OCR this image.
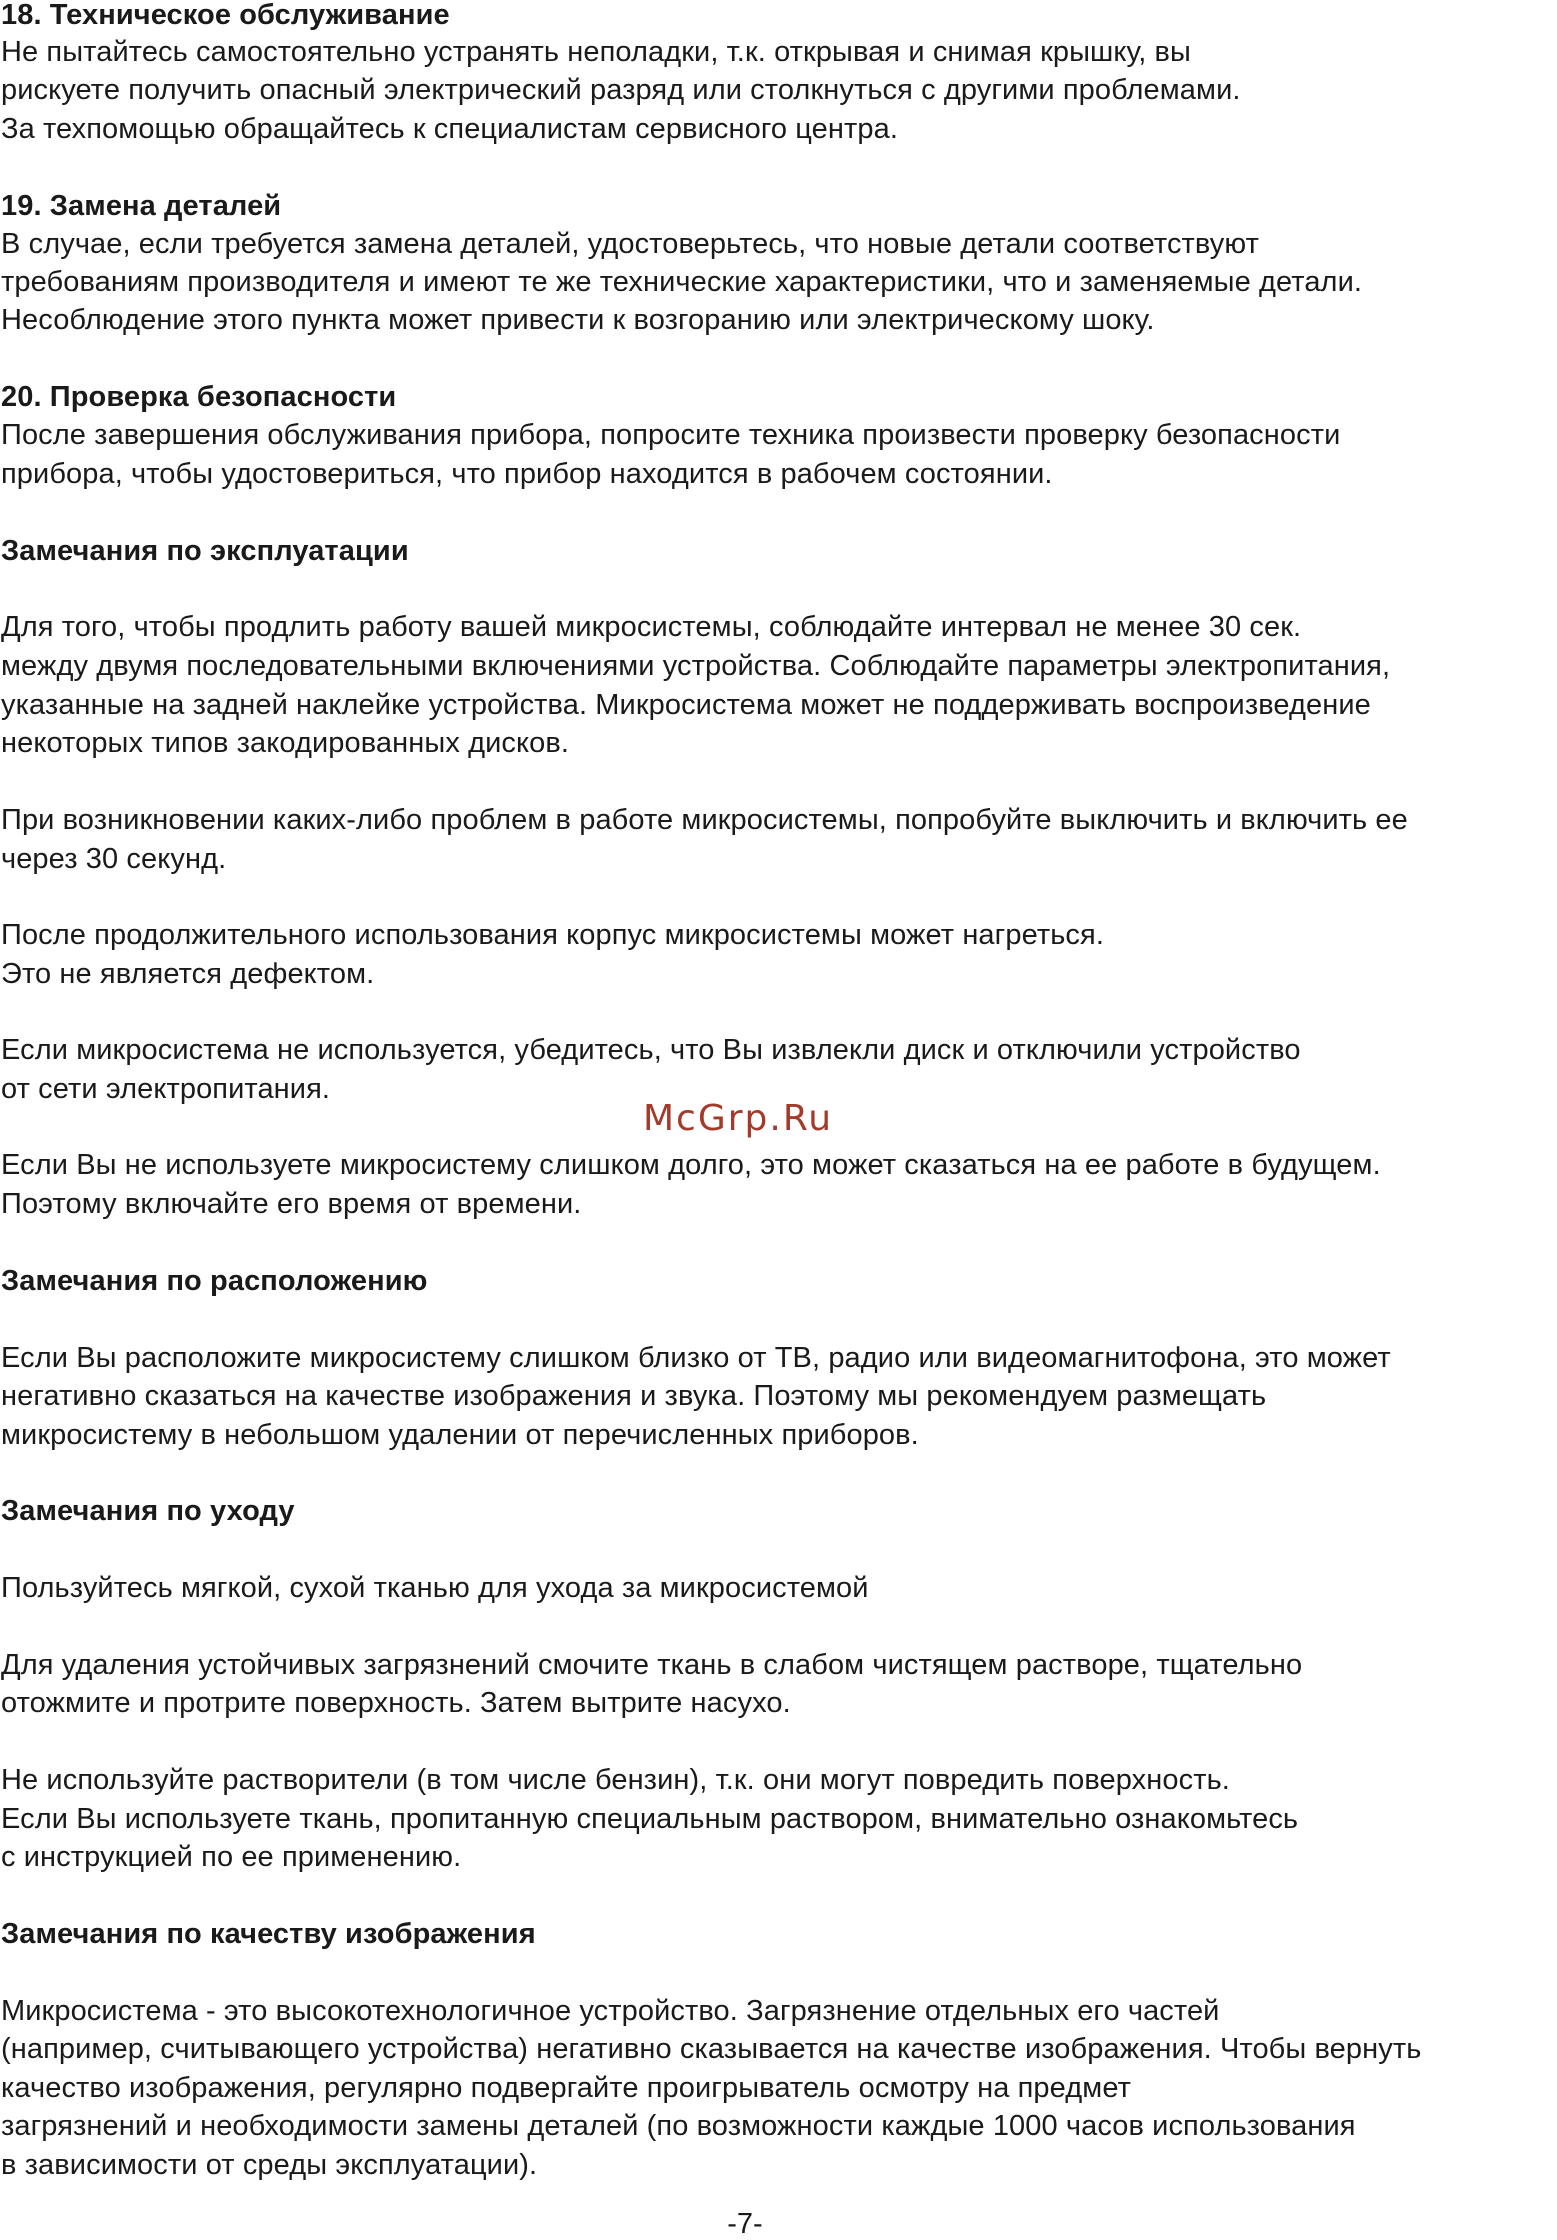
18. Техническое обслуживание
Не пытайтесь самостоятельно устранять неполадки, т.к. открывая и снимая крышку, вы
рискуете получить опасный электрический разряд или столкнуться с другими проблемами.
За техпомощью обращайтесь к специалистам сервисного центра.
19. Замена деталей
В случае, если требуется замена деталей, удостоверьтесь, что новые детали соответствуют
требованиям производителя и имеют те же технические характеристики, что и заменяемые детали.
Несоблюдение этого пункта может привести к возгоранию или электрическому шоку.
20. Проверка безопасности
После завершения обслуживания прибора, попросите техника произвести проверку безопасности
прибора, чтобы удостовериться, что прибор находится в рабочем состоянии.
Замечания по эксплуатации
Для того, чтобы продлить работу вашей микросистемы, соблюдайте интервал не менее 30 сек.
между двумя последовательными включениями устройства. Соблюдайте параметры электропитания,
указанные на задней наклейке устройства. Микросистема может не поддерживать воспроизведение
некоторых типов закодированных дисков.
При возникновении каких-либо проблем в работе микросистемы, попробуйте выключить и включить ее
через 30 секунд.
После продолжительного использования корпус микросистемы может нагреться.
Это не является дефектом.
Если микросистема не используется, убедитесь, что Вы извлекли диск и отключили устройство
от сети электропитания.
Если Вы не используете микросистему слишком долго, это может сказаться на ее работе в будущем.
Поэтому включайте его время от времени.
Замечания по расположению
Если Вы расположите микросистему слишком близко от ТВ, радио или видеомагнитофона, это может
негативно сказаться на качестве изображения и звука. Поэтому мы рекомендуем размещать
микросистему в небольшом удалении от перечисленных приборов.
Замечания по уходу
Пользуйтесь мягкой, сухой тканью для ухода за микросистемой
Для удаления устойчивых загрязнений смочите ткань в слабом чистящем растворе, тщательно
отожмите и протрите поверхность. Затем вытрите насухо.
Не используйте растворители (в том числе бензин), т.к. они могут повредить поверхность.
Если Вы используете ткань, пропитанную специальным раствором, внимательно ознакомьтесь
с инструкцией по ее применению.
Замечания по качеству изображения
Микросистема - это высокотехнологичное устройство. Загрязнение отдельных его частей
(например, считывающего устройства) негативно сказывается на качестве изображения. Чтобы вернуть
качество изображения, регулярно подвергайте проигрыватель осмотру на предмет
загрязнений и необходимости замены деталей (по возможности каждые 1000 часов использования
в зависимости от среды эксплуатации).
McGrp.Ru
-7-
